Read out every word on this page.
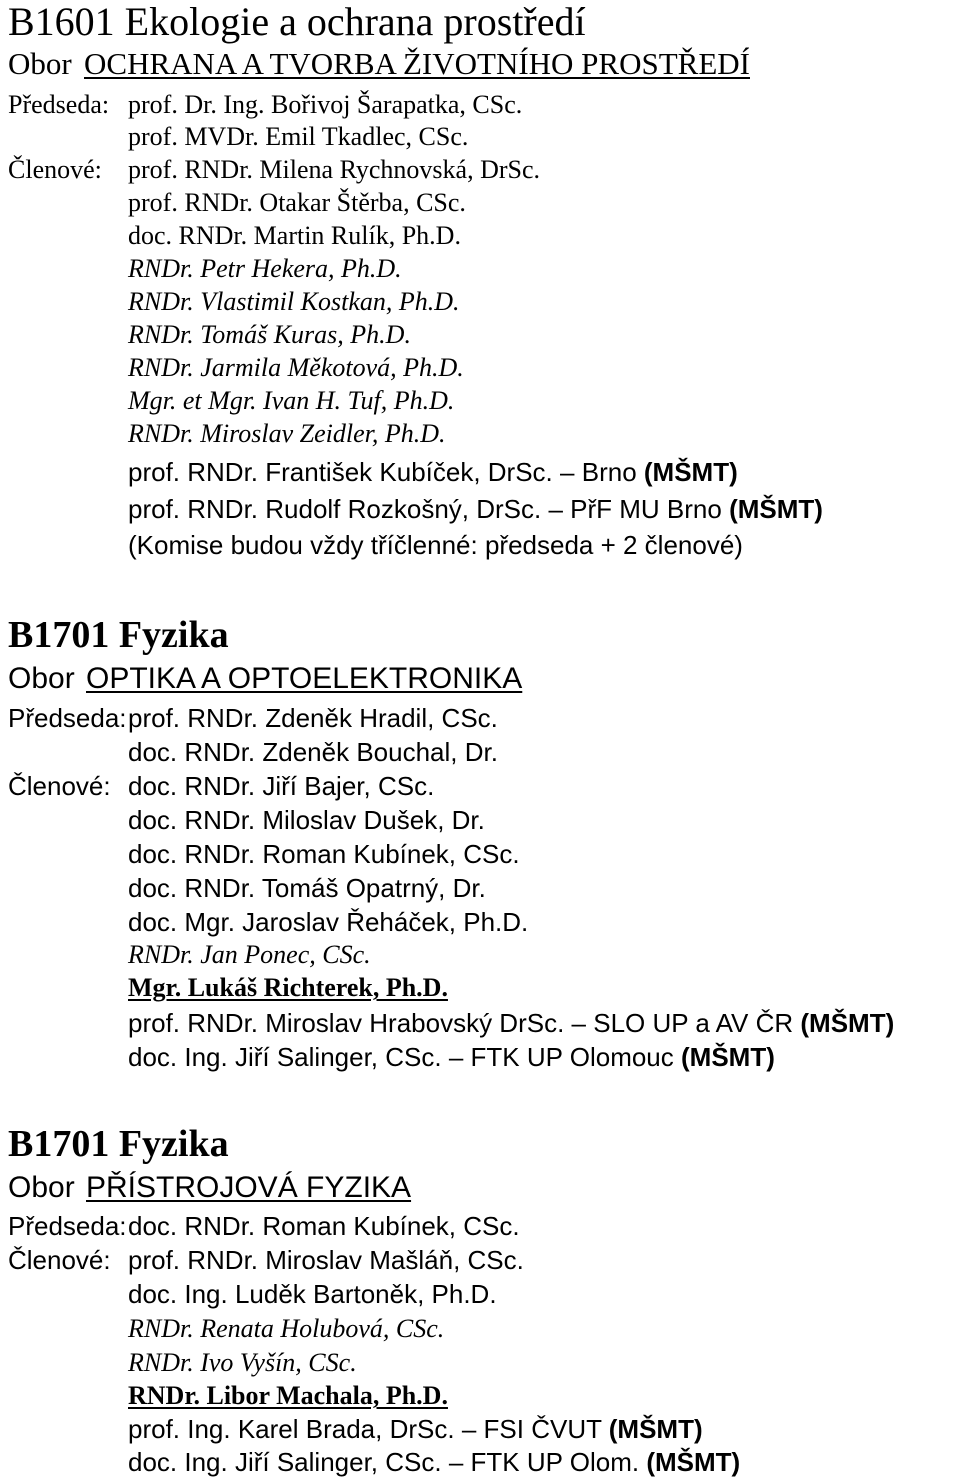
B1601 Ekologie a ochrana prostředí
Obor OCHRANA A TVORBA ŽIVOTNÍHO PROSTŘEDÍ
Předseda: prof. Dr. Ing. Bořivoj Šarapatka, CSc.
prof. MVDr. Emil Tkadlec, CSc.
Členové: prof. RNDr. Milena Rychnovská, DrSc.
prof. RNDr. Otakar Štěrba, CSc.
doc. RNDr. Martin Rulík, Ph.D.
RNDr. Petr Hekera, Ph.D.
RNDr. Vlastimil Kostkan, Ph.D.
RNDr. Tomáš Kuras, Ph.D.
RNDr. Jarmila Měkotová, Ph.D.
Mgr. et Mgr. Ivan H. Tuf, Ph.D.
RNDr. Miroslav Zeidler, Ph.D.
prof. RNDr. František Kubíček, DrSc. – Brno (MŠMT)
prof. RNDr. Rudolf Rozkošný, DrSc. – PřF MU Brno (MŠMT)
(Komise budou vždy tříčlenné: předseda + 2 členové)
B1701 Fyzika
Obor OPTIKA A OPTOELEKTRONIKA
Předseda: prof. RNDr. Zdeněk Hradil, CSc.
doc. RNDr. Zdeněk Bouchal, Dr.
Členové: doc. RNDr. Jiří Bajer, CSc.
doc. RNDr. Miloslav Dušek, Dr.
doc. RNDr. Roman Kubínek, CSc.
doc. RNDr. Tomáš Opatrný, Dr.
doc. Mgr. Jaroslav Řeháček, Ph.D.
RNDr. Jan Ponec, CSc.
Mgr. Lukáš Richterek, Ph.D.
prof. RNDr. Miroslav Hrabovský DrSc. – SLO UP a AV ČR (MŠMT)
doc. Ing. Jiří Salinger, CSc. – FTK UP Olomouc (MŠMT)
B1701 Fyzika
Obor PŘÍSTROJOVÁ FYZIKA
Předseda: doc. RNDr. Roman Kubínek, CSc.
Členové: prof. RNDr. Miroslav Mašláň, CSc.
doc. Ing. Luděk Bartoněk, Ph.D.
RNDr. Renata Holubová, CSc.
RNDr. Ivo Vyšín, CSc.
RNDr. Libor Machala, Ph.D.
prof. Ing. Karel Brada, DrSc. – FSI ČVUT (MŠMT)
doc. Ing. Jiří Salinger, CSc. – FTK UP Olom. (MŠMT)
